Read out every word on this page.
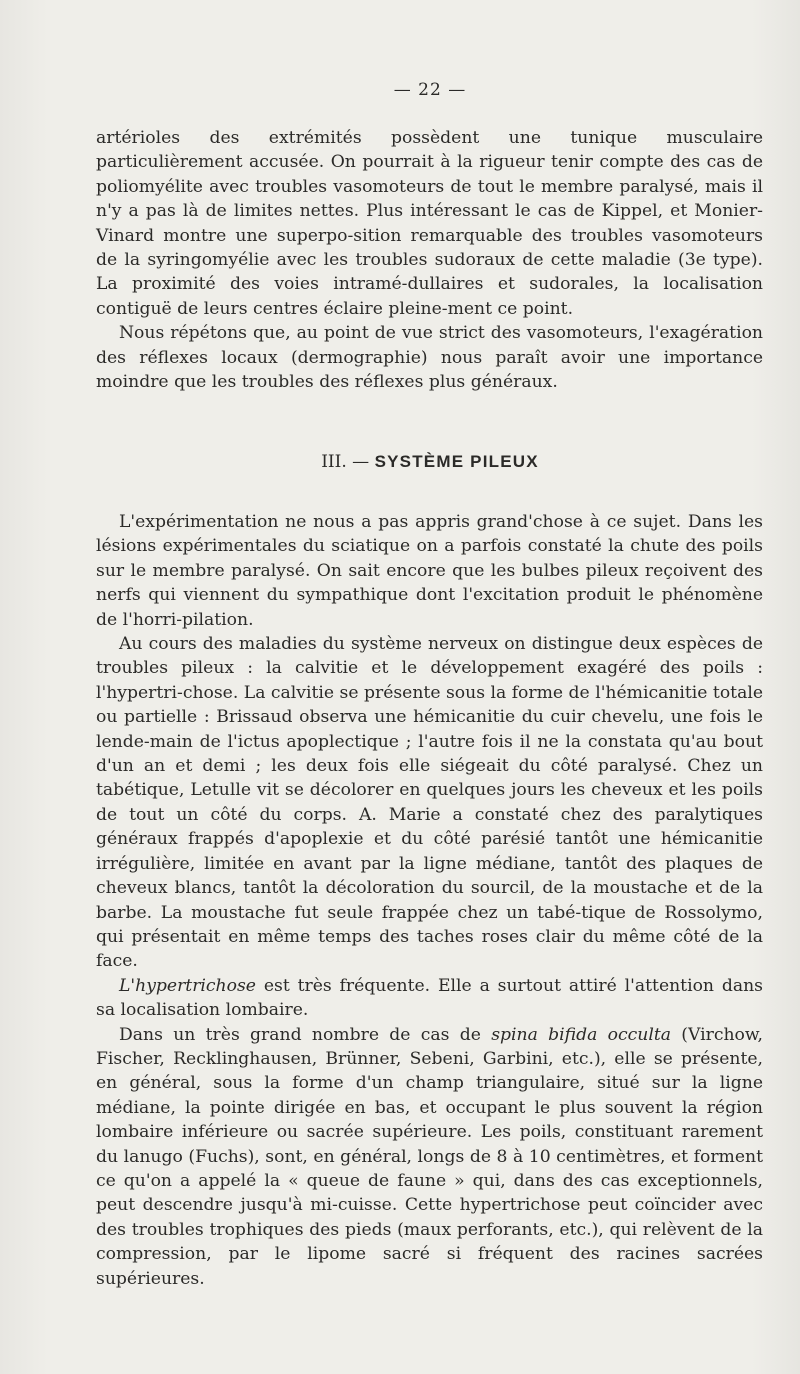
— 22 —

artérioles des extrémités possèdent une tunique musculaire particulièrement accusée. On pourrait à la rigueur tenir compte des cas de poliomyélite avec troubles vasomoteurs de tout le membre paralysé, mais il n'y a pas là de limites nettes. Plus intéressant le cas de Kippel, et Monier-Vinard montre une superpo-sition remarquable des troubles vasomoteurs de la syringomyélie avec les troubles sudoraux de cette maladie (3e type). La proximité des voies intramé-dullaires et sudorales, la localisation contiguë de leurs centres éclaire pleine-ment ce point.

Nous répétons que, au point de vue strict des vasomoteurs, l'exagération des réflexes locaux (dermographie) nous paraît avoir une importance moindre que les troubles des réflexes plus généraux.

III. — SYSTÈME PILEUX

L'expérimentation ne nous a pas appris grand'chose à ce sujet. Dans les lésions expérimentales du sciatique on a parfois constaté la chute des poils sur le membre paralysé. On sait encore que les bulbes pileux reçoivent des nerfs qui viennent du sympathique dont l'excitation produit le phénomène de l'horri-pilation.

Au cours des maladies du système nerveux on distingue deux espèces de troubles pileux : la calvitie et le développement exagéré des poils : l'hypertri-chose. La calvitie se présente sous la forme de l'hémicanitie totale ou partielle : Brissaud observa une hémicanitie du cuir chevelu, une fois le lende-main de l'ictus apoplectique ; l'autre fois il ne la constata qu'au bout d'un an et demi ; les deux fois elle siégeait du côté paralysé. Chez un tabétique, Letulle vit se décolorer en quelques jours les cheveux et les poils de tout un côté du corps. A. Marie a constaté chez des paralytiques généraux frappés d'apoplexie et du côté parésié tantôt une hémicanitie irrégulière, limitée en avant par la ligne médiane, tantôt des plaques de cheveux blancs, tantôt la décoloration du sourcil, de la moustache et de la barbe. La moustache fut seule frappée chez un tabé-tique de Rossolymo, qui présentait en même temps des taches roses clair du même côté de la face.

L'hypertrichose est très fréquente. Elle a surtout attiré l'attention dans sa localisation lombaire.

Dans un très grand nombre de cas de spina bifida occulta (Virchow, Fischer, Recklinghausen, Brünner, Sebeni, Garbini, etc.), elle se présente, en général, sous la forme d'un champ triangulaire, situé sur la ligne médiane, la pointe dirigée en bas, et occupant le plus souvent la région lombaire inférieure ou sacrée supérieure. Les poils, constituant rarement du lanugo (Fuchs), sont, en général, longs de 8 à 10 centimètres, et forment ce qu'on a appelé la « queue de faune » qui, dans des cas exceptionnels, peut descendre jusqu'à mi-cuisse. Cette hypertrichose peut coïncider avec des troubles trophiques des pieds (maux perforants, etc.), qui relèvent de la compression, par le lipome sacré si fréquent des racines sacrées supérieures.
